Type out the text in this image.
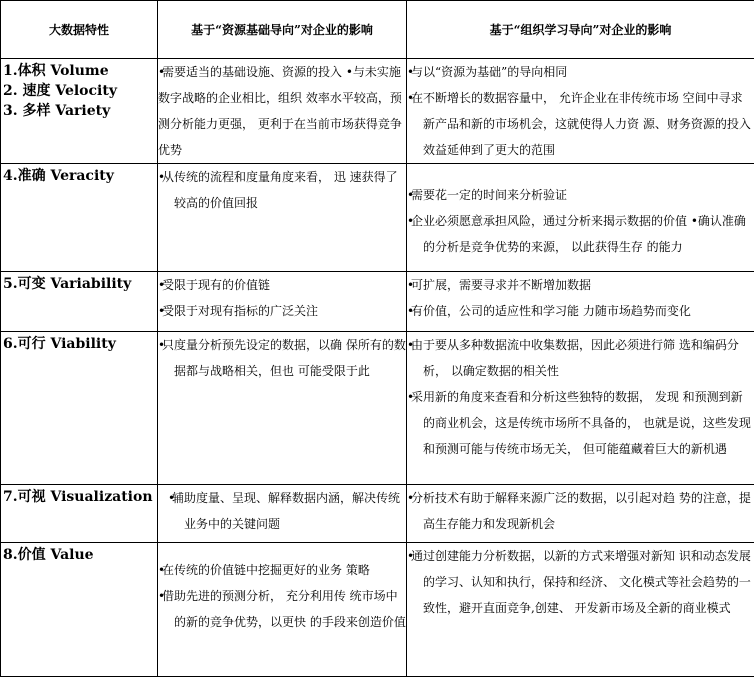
大数据特性	基于“资源基础导向”对企业的影响	基于“组织学习导向”对企业的影响

1.体积 Volume
2. 速度 Velocity
3. 多样 Variety	• 需要适当的基础设施、资源的投入 •与未实施数字战略的企业相比，组织 效率水平较高，预测分析能力更强， 更利于在当前市场获得竞争优势	• 与以“资源为基础”的导向相同
• 在不断增长的数据容量中， 允许企业在非传统市场 空间中寻求新产品和新的市场机会，这就使得人力资 源、财务资源的投入效益延伸到了更大的范围

4.准确 Veracity	• 从传统的流程和度量角度来看， 迅 速获得了较高的价值回报	• 需要花一定的时间来分析验证
• 企业必须愿意承担风险，通过分析来揭示数据的价值 •确认准确的分析是竞争优势的来源， 以此获得生存 的能力

5.可变 Variability	• 受限于现有的价值链
• 受限于对现有指标的广泛关注	• 可扩展，需要寻求并不断增加数据
• 有价值，公司的适应性和学习能 力随市场趋势而变化

6.可行 Viability	• 只度量分析预先设定的数据，以确 保所有的数据都与战略相关，但也 可能受限于此	• 由于要从多种数据流中收集数据，因此必须进行筛 选和编码分析， 以确定数据的相关性
• 采用新的角度来查看和分析这些独特的数据， 发现 和预测到新的商业机会，这是传统市场所不具备的， 也就是说，这些发现和预测可能与传统市场无关， 但可能蕴藏着巨大的新机遇

7.可视 Visualization	• 辅助度量、呈现、解释数据内涵，解决传统业务中的关键问题	• 分析技术有助于解释来源广泛的数据，以引起对趋 势的注意，提高生存能力和发现新机会

8.价值 Value	• 在传统的价值链中挖掘更好的业务 策略
• 借助先进的预测分析， 充分利用传 统市场中的新的竞争优势，以更快 的手段来创造价值	• 通过创建能力分析数据，以新的方式来增强对新知 识和动态发展的学习、认知和执行，保持和经济、 文化模式等社会趋势的一致性，避开直面竞争,创建、 开发新市场及全新的商业模式
